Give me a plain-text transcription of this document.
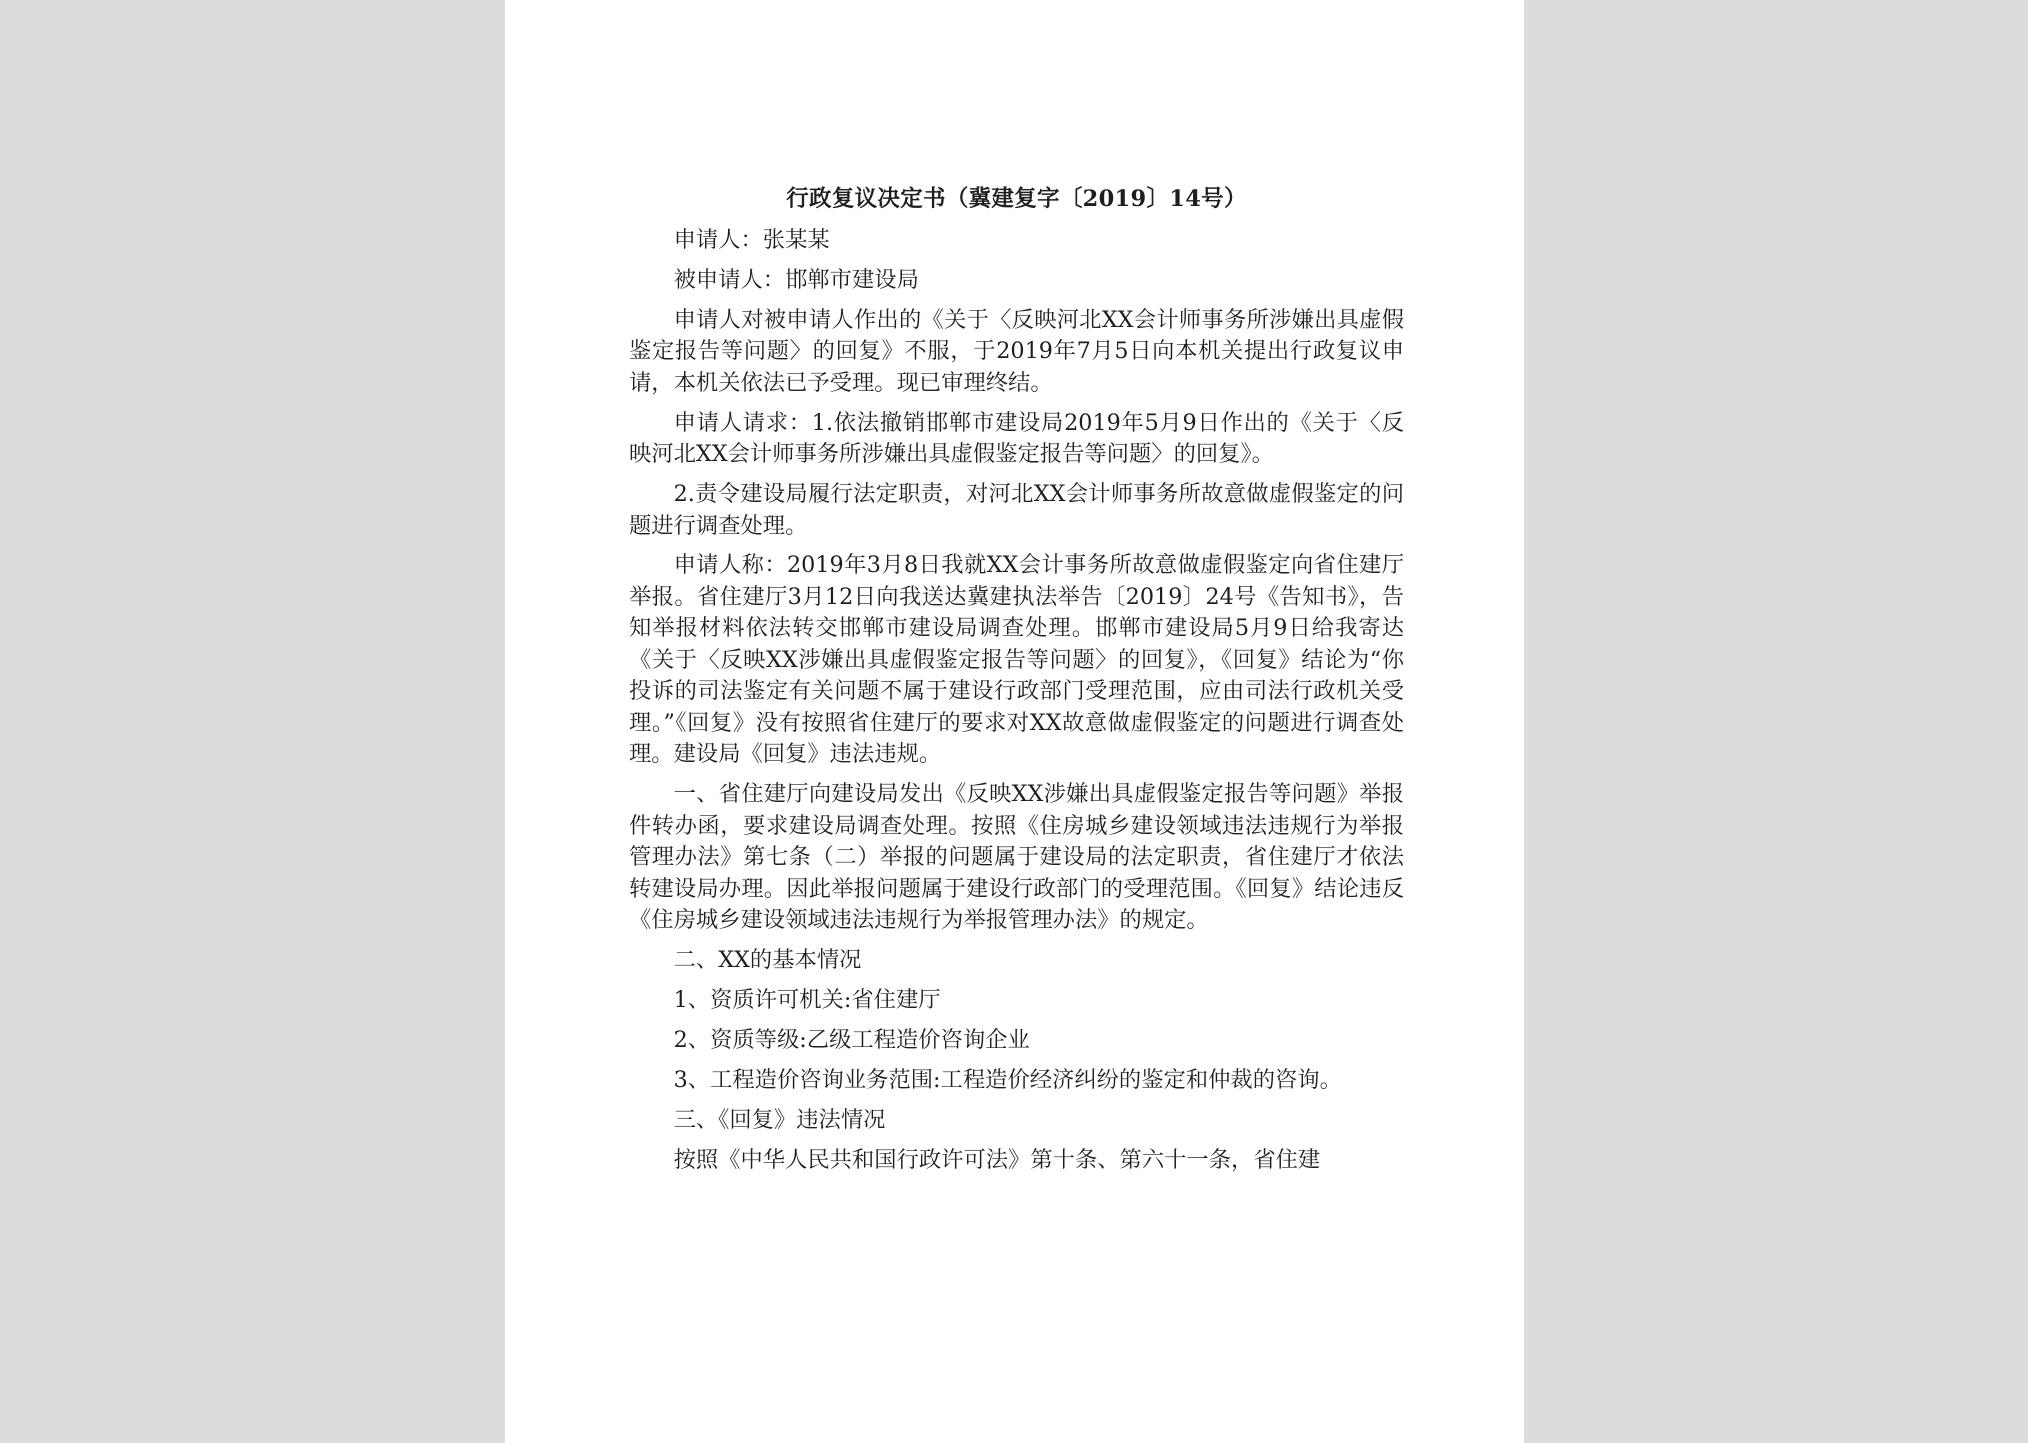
行政复议决定书（冀建复字〔2019〕14号）

申请人：张某某

被申请人：邯郸市建设局

申请人对被申请人作出的《关于〈反映河北XX会计师事务所涉嫌出具虚假鉴定报告等问题〉的回复》不服，于2019年7月5日向本机关提出行政复议申请，本机关依法已予受理。现已审理终结。

申请人请求：1.依法撤销邯郸市建设局2019年5月9日作出的《关于〈反映河北XX会计师事务所涉嫌出具虚假鉴定报告等问题〉的回复》。

2.责令建设局履行法定职责，对河北XX会计师事务所故意做虚假鉴定的问题进行调查处理。

申请人称：2019年3月8日我就XX会计事务所故意做虚假鉴定向省住建厅举报。省住建厅3月12日向我送达冀建执法举告〔2019〕24号《告知书》，告知举报材料依法转交邯郸市建设局调查处理。邯郸市建设局5月9日给我寄达《关于〈反映XX涉嫌出具虚假鉴定报告等问题〉的回复》，《回复》结论为“你投诉的司法鉴定有关问题不属于建设行政部门受理范围，应由司法行政机关受理。”《回复》没有按照省住建厅的要求对XX故意做虚假鉴定的问题进行调查处理。建设局《回复》违法违规。

一、省住建厅向建设局发出《反映XX涉嫌出具虚假鉴定报告等问题》举报件转办函，要求建设局调查处理。按照《住房城乡建设领域违法违规行为举报管理办法》第七条（二）举报的问题属于建设局的法定职责，省住建厅才依法转建设局办理。因此举报问题属于建设行政部门的受理范围。《回复》结论违反《住房城乡建设领域违法违规行为举报管理办法》的规定。

二、XX的基本情况

1、资质许可机关:省住建厅

2、资质等级:乙级工程造价咨询企业

3、工程造价咨询业务范围:工程造价经济纠纷的鉴定和仲裁的咨询。

三、《回复》违法情况

按照《中华人民共和国行政许可法》第十条、第六十一条，省住建
